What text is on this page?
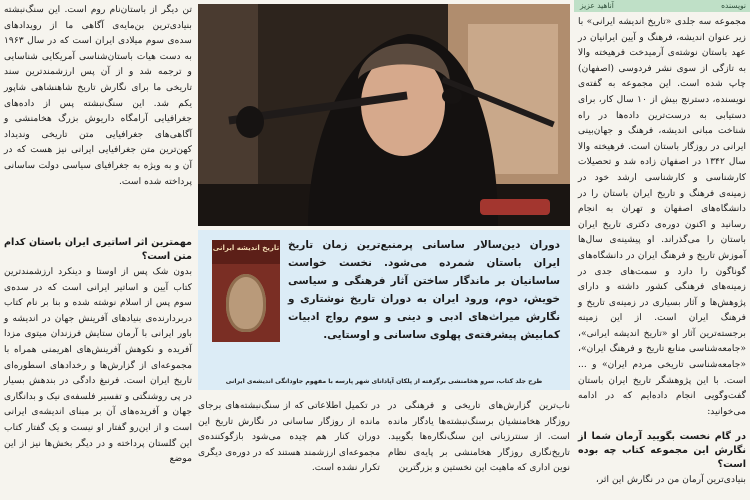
نویسنده
آناهید عزیز

مجموعه سه جلدی «تاریخ اندیشه ایرانی» با زیر عنوان اندیشه، فرهنگ و آیین ایرانیان در عهد باستان نوشته‌ی آرمیدخت فرهیخته والا به تازگی از سوی نشر فردوسی (اصفهان) چاپ شده است. این مجموعه به گفته‌ی نویسنده، دسترنج بیش از ۱۰ سال کار، برای دستیابی به درست‌ترین داده‌ها در راه شناخت مبانی اندیشه، فرهنگ و جهان‌بینی ایرانی در روزگار باستان است. فرهیخته والا سال ۱۳۴۲ در اصفهان زاده شد و تحصیلات کارشناسی و کارشناسی ارشد خود در زمینه‌ی فرهنگ و تاریخ ایران باستان را در دانشگاه‌های اصفهان و تهران به انجام رسانید و اکنون دوره‌ی دکتری تاریخ ایران باستان را می‌گذراند. او پیشینه‌ی سال‌ها آموزش تاریخ و فرهنگ ایران در دانشگاه‌های گوناگون را دارد و سمت‌های جدی در زمینه‌های فرهنگی کشور داشته و دارای پژوهش‌ها و آثار بسیاری در زمینه‌ی تاریخ و فرهنگ ایران است. از این زمینه برجسته‌ترین آثار او «تاریخ اندیشه ایرانی»، «جامعه‌شناسی منابع تاریخ و فرهنگ ایران»، «جامعه‌شناسی تاریخی مردم ایران» و ... است. با این پژوهشگر تاریخ ایران باستان گفت‌وگویی انجام داده‌ایم که در ادامه می‌خوانید:

در گام نخست بگویید آرمان شما از نگارش این مجموعه کتاب چه بوده است؟

بنیادی‌ترین آرمان من در نگارش این اثر،

تاریخ اندیشه ایرانی دوران دین‌سالار ساسانی پرمنبع‌ترین زمان تاریخ ایران باستان شمرده می‌شود. نخست خواست ساسانیان بر ماندگار ساختن آثار فرهنگی و سیاسی خویش، دوم، ورود ایران به دوران تاریخ نوشتاری و نگارش میراث‌های ادبی و دینی و سوم رواج ادبیات کمابیش پیشرفته‌ی پهلوی ساسانی و اوستایی.
طرح جلد کتاب، سرو هخامنشی برگرفته از پلکان آپادانای شهر پارسه با مفهوم جاودانگی اندیشه‌ی ایرانی

ناب‌ترین گزارش‌های تاریخی و فرهنگی در روزگار هخامنشیان برسنگ‌نبشته‌ها یادگار مانده است. از سنترزبانی این سنگ‌نگاره‌ها بگویید. تاریخ‌نگاری روزگار هخامنشی بر پایه‌ی نظام نوین اداری که ماهیت این نخستین و بزرگترین

در تکمیل اطلاعاتی که از سنگ‌نبشته‌های برجای مانده از روزگار ساسانی در نگارش تاریخ این دوران کنار هم چیده می‌شود بازگوکننده‌ی مجموعه‌ای ارزشمند هستند که در دوره‌ی دیگری تکرار نشده است.

تن دیگر از باستان‌نام روم است. این سنگ‌نبشته بنیادی‌ترین بن‌مایه‌ی آگاهی ما از رویدادهای سده‌ی سوم میلادی ایران است که در سال ۱۹۶۳ به دست هیات باستان‌شناسی آمریکایی شناسایی و ترجمه شد و از آن پس ارزشمندترین سند تاریخی ما برای نگارش تاریخ شاهنشاهی شاپور یکم شد. این سنگ‌نبشته پس از داده‌های جغرافیایی آرامگاه داریوش بزرگ هخامنشی و آگاهی‌های جغرافیایی متن تاریخی وندیداد کهن‌ترین متن جغرافیایی ایرانی نیز هست که در آن و به ویژه به جغرافیای سیاسی دولت ساسانی پرداخته شده است.

مهمترین اثر اساتیری ایران باستان کدام متن است؟

بدون شک پس از اوستا و دینکرد ارزشمندترین کتاب آیین و اساتیر ایرانی است که در سده‌ی سوم پس از اسلام نوشته شده و بنا بر نام کتاب دربردارنده‌ی بنیادهای آفرینش جهان در اندیشه و باور ایرانی با آرمان ستایش فرزندان میتوی مزدا آفریده و نکوهش آفرینش‌های اهریمنی همراه با مجموعه‌ای از گزارش‌ها و رخدادهای اسطوره‌ای تاریخ ایران است. فرنبغ دادگی در بندهش بسیار در پی روشنگتی و تفسیر فلسفه‌ی نیک و بدانگاری جهان و آفریده‌های آن بر مبنای اندیشه‌ی ایرانی است و از این‌رو گفتار او نیست و یک گفتار کتاب این گلستان پرداخته و در دیگر بخش‌ها نیز از این موضع
